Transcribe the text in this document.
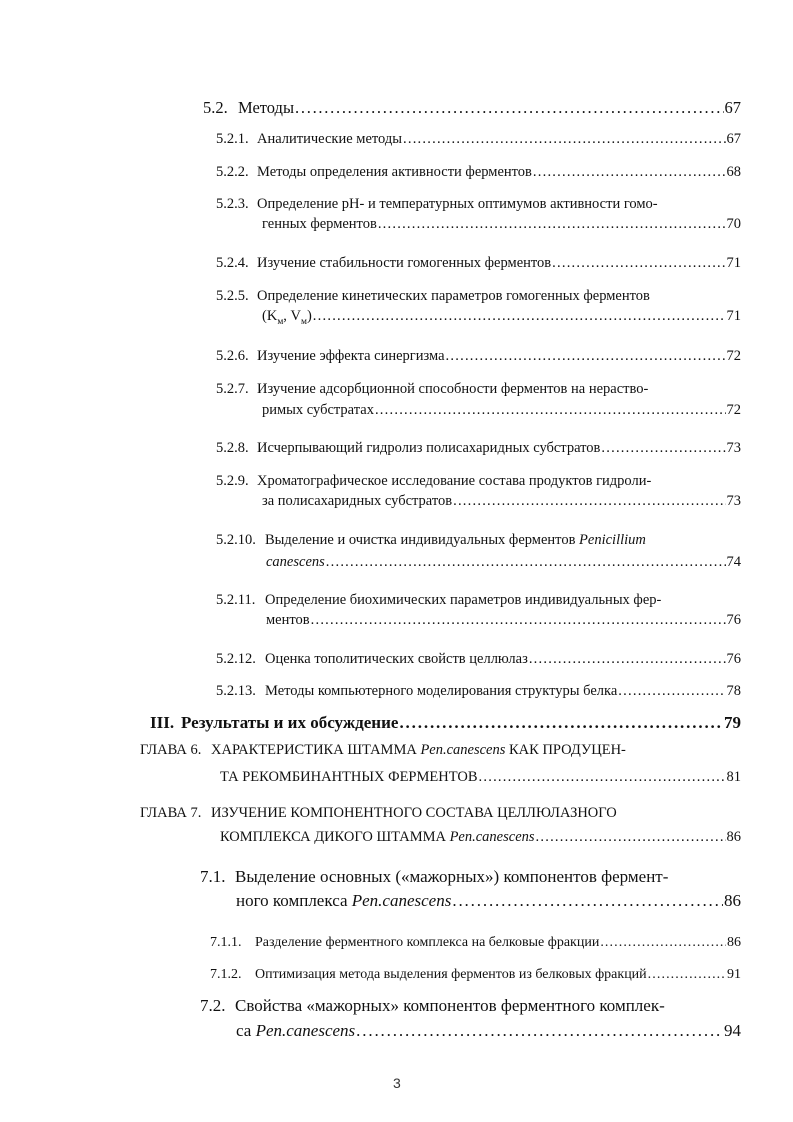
5.2. Методы . . .	67
5.2.1. Аналитические методы . . .	67
5.2.2. Методы определения активности ферментов . . .	68
5.2.3. Определение pH- и температурных оптимумов активности гомо-
генных ферментов . . .	70
5.2.4. Изучение стабильности гомогенных ферментов . . .	71
5.2.5. Определение кинетических параметров гомогенных ферментов
($K_м$, $V_м$) . . .	71
5.2.6. Изучение эффекта синергизма . . .	72
5.2.7. Изучение адсорбционной способности ферментов на нераство-
римых субстратах . . .	72
5.2.8. Исчерпывающий гидролиз полисахаридных субстратов . . .	73
5.2.9. Хроматографическое исследование состава продуктов гидроли-
за полисахаридных субстратов . . .	73
5.2.10. Выделение и очистка индивидуальных ферментов Penicillium
canescens . . .	74
5.2.11. Определение биохимических параметров индивидуальных фер-
ментов . . .	76
5.2.12. Оценка тополитических свойств целлюлаз . . .	76
5.2.13. Методы компьютерного моделирования структуры белка . . .	78
III. Результаты и их обсуждение . . .	79
ГЛАВА 6. ХАРАКТЕРИСТИКА ШТАММА Pen.canescens КАК ПРОДУЦЕН-
ТА РЕКОМБИНАНТНЫХ ФЕРМЕНТОВ . . .	81
ГЛАВА 7. ИЗУЧЕНИЕ КОМПОНЕНТНОГО СОСТАВА ЦЕЛЛЮЛАЗНОГО
КОМПЛЕКСА ДИКОГО ШТАММА Pen.canescens . . .	86
7.1. Выделение основных («мажорных») компонентов фермент-
ного комплекса Pen.canescens . . .	86
7.1.1. Разделение ферментного комплекса на белковые фракции . . .	86
7.1.2. Оптимизация метода выделения ферментов из белковых фракций . . .	91
7.2. Свойства «мажорных» компонентов ферментного комплек-
са Pen.canescens . . .	94
3
